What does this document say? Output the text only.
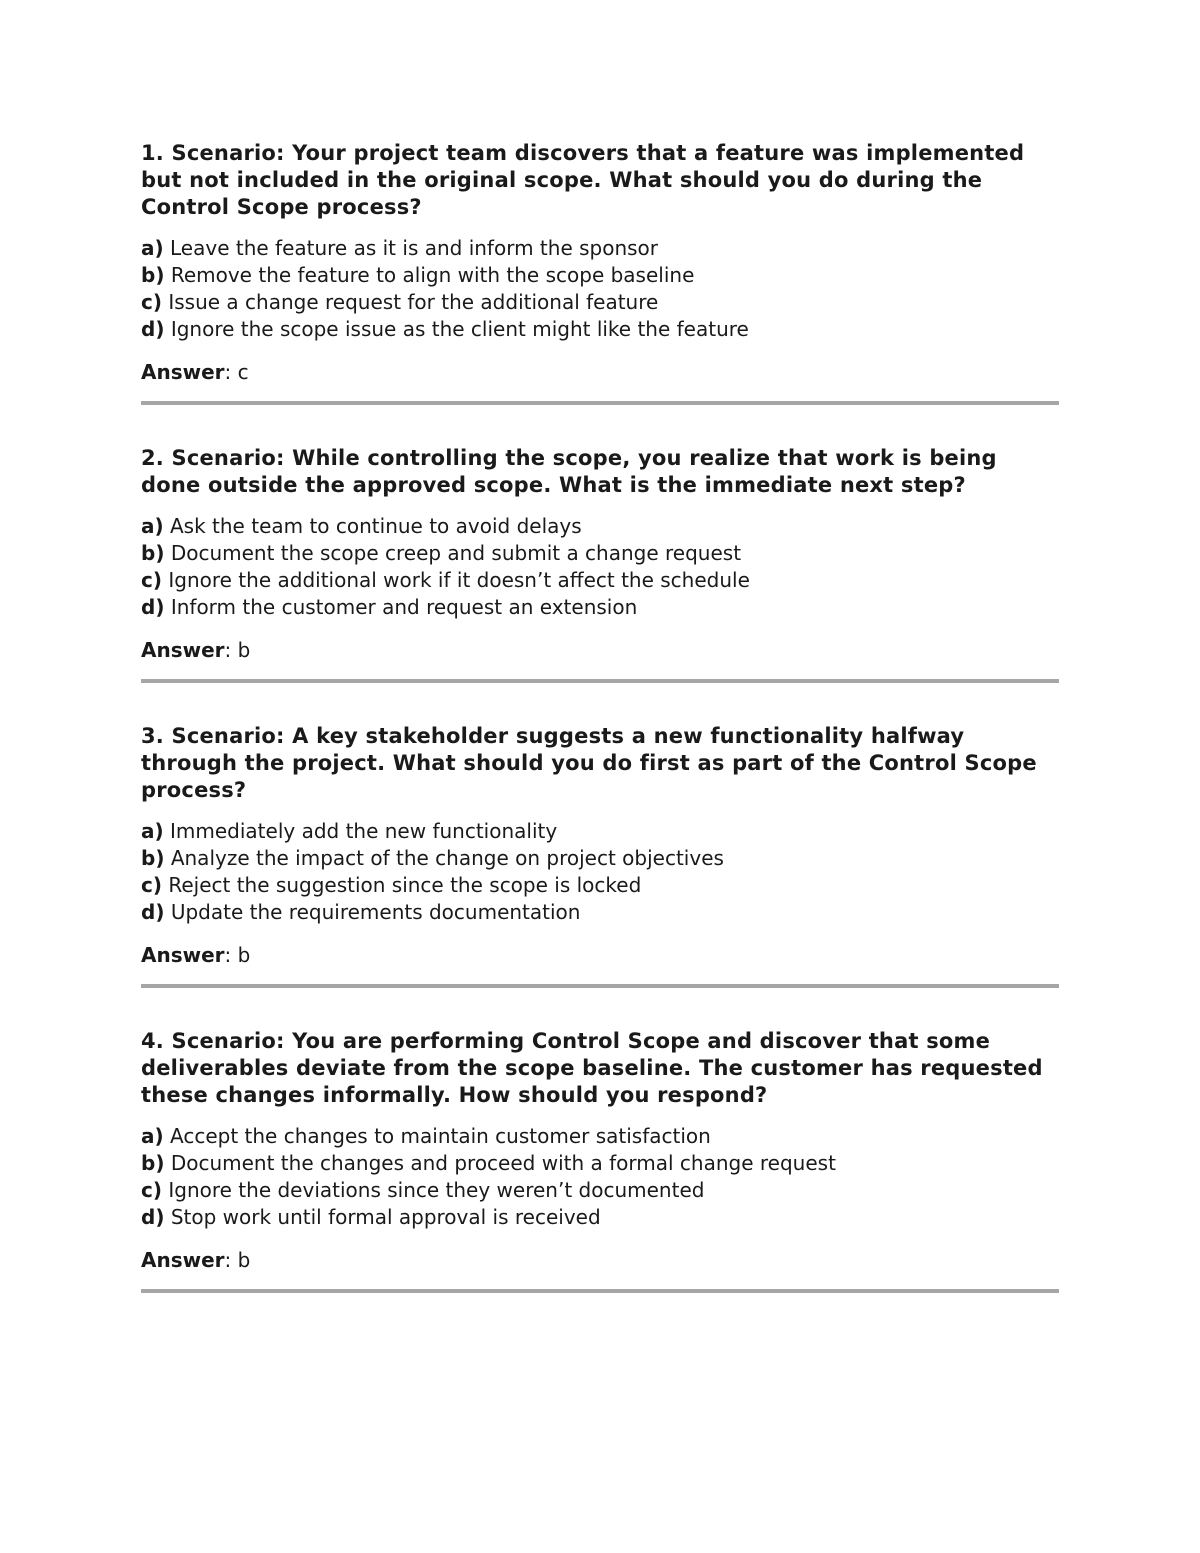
1. Scenario: Your project team discovers that a feature was implemented but not included in the original scope. What should you do during the Control Scope process?

a) Leave the feature as it is and inform the sponsor
b) Remove the feature to align with the scope baseline
c) Issue a change request for the additional feature
d) Ignore the scope issue as the client might like the feature

Answer: c

2. Scenario: While controlling the scope, you realize that work is being done outside the approved scope. What is the immediate next step?

a) Ask the team to continue to avoid delays
b) Document the scope creep and submit a change request
c) Ignore the additional work if it doesn’t affect the schedule
d) Inform the customer and request an extension

Answer: b

3. Scenario: A key stakeholder suggests a new functionality halfway through the project. What should you do first as part of the Control Scope process?

a) Immediately add the new functionality
b) Analyze the impact of the change on project objectives
c) Reject the suggestion since the scope is locked
d) Update the requirements documentation

Answer: b

4. Scenario: You are performing Control Scope and discover that some deliverables deviate from the scope baseline. The customer has requested these changes informally. How should you respond?

a) Accept the changes to maintain customer satisfaction
b) Document the changes and proceed with a formal change request
c) Ignore the deviations since they weren’t documented
d) Stop work until formal approval is received

Answer: b
